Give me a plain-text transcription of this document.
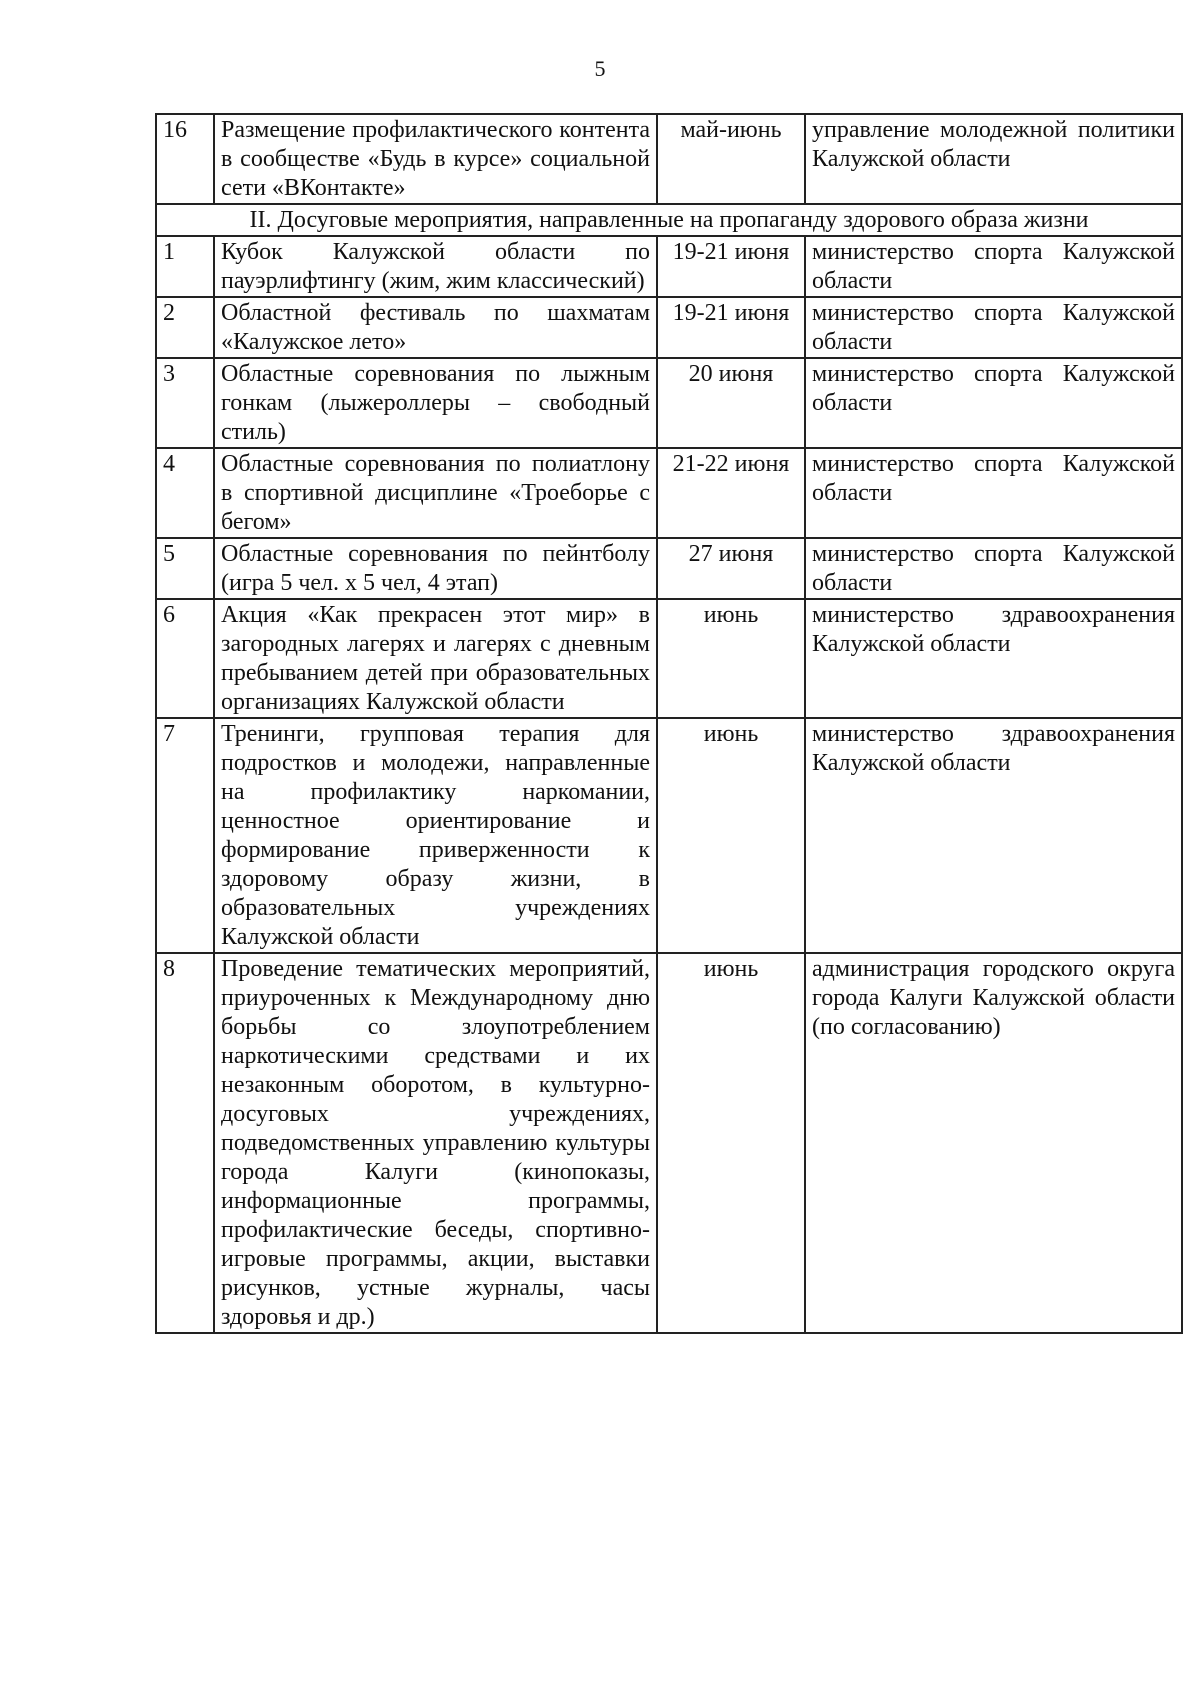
5
16	Размещение профилактического контента в сообществе «Будь в курсе» социальной сети «ВКонтакте»	май-июнь	управление молодежной политики Калужской области
II. Досуговые мероприятия, направленные на пропаганду здорового образа жизни			
1	Кубок Калужской области по пауэрлифтингу (жим, жим классический)	19-21 июня	министерство спорта Калужской области
2	Областной фестиваль по шахматам «Калужское лето»	19-21 июня	министерство спорта Калужской области
3	Областные соревнования по лыжным гонкам (лыжероллеры – свободный стиль)	20 июня	министерство спорта Калужской области
4	Областные соревнования по полиатлону в спортивной дисциплине «Троеборье с бегом»	21-22 июня	министерство спорта Калужской области
5	Областные соревнования по пейнтболу (игра 5 чел. х 5 чел, 4 этап)	27 июня	министерство спорта Калужской области
6	Акция «Как прекрасен этот мир» в загородных лагерях и лагерях с дневным пребыванием детей при образовательных организациях Калужской области	июнь	министерство здравоохранения Калужской области
7	Тренинги, групповая терапия для подростков и молодежи, направленные на профилактику наркомании, ценностное ориентирование и формирование приверженности к здоровому образу жизни, в образовательных учреждениях Калужской области	июнь	министерство здравоохранения Калужской области
8	Проведение тематических мероприятий, приуроченных к Международному дню борьбы со злоупотреблением наркотическими средствами и их незаконным оборотом, в культурно-досуговых учреждениях, подведомственных управлению культуры города Калуги (кинопоказы, информационные программы, профилактические беседы, спортивно-игровые программы, акции, выставки рисунков, устные журналы, часы здоровья и др.)	июнь	администрация городского округа города Калуги Калужской области (по согласованию)
